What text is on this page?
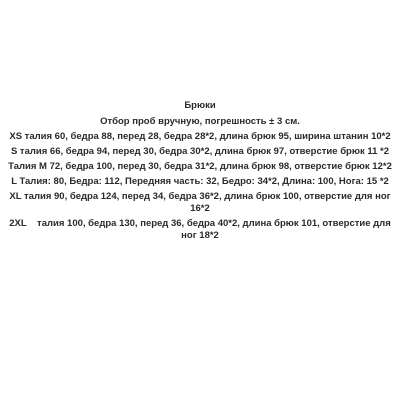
Брюки
Отбор проб вручную, погрешность ± 3 см.
XS талия 60, бедра 88, перед 28, бедра 28*2, длина брюк 95, ширина штанин 10*2
S талия 66, бедра 94, перед 30, бедра 30*2, длина брюк 97, отверстие брюк 11 *2
Талия M 72, бедра 100, перед 30, бедра 31*2, длина брюк 98, отверстие брюк 12*2
L Талия: 80, Бедра: 112, Передняя часть: 32, Бедро: 34*2, Длина: 100, Нога: 15 *2
XL талия 90, бедра 124, перед 34, бедра 36*2, длина брюк 100, отверстие для ног 16*2
2XL    талия 100, бедра 130, перед 36, бедра 40*2, длина брюк 101, отверстие для ног 18*2
